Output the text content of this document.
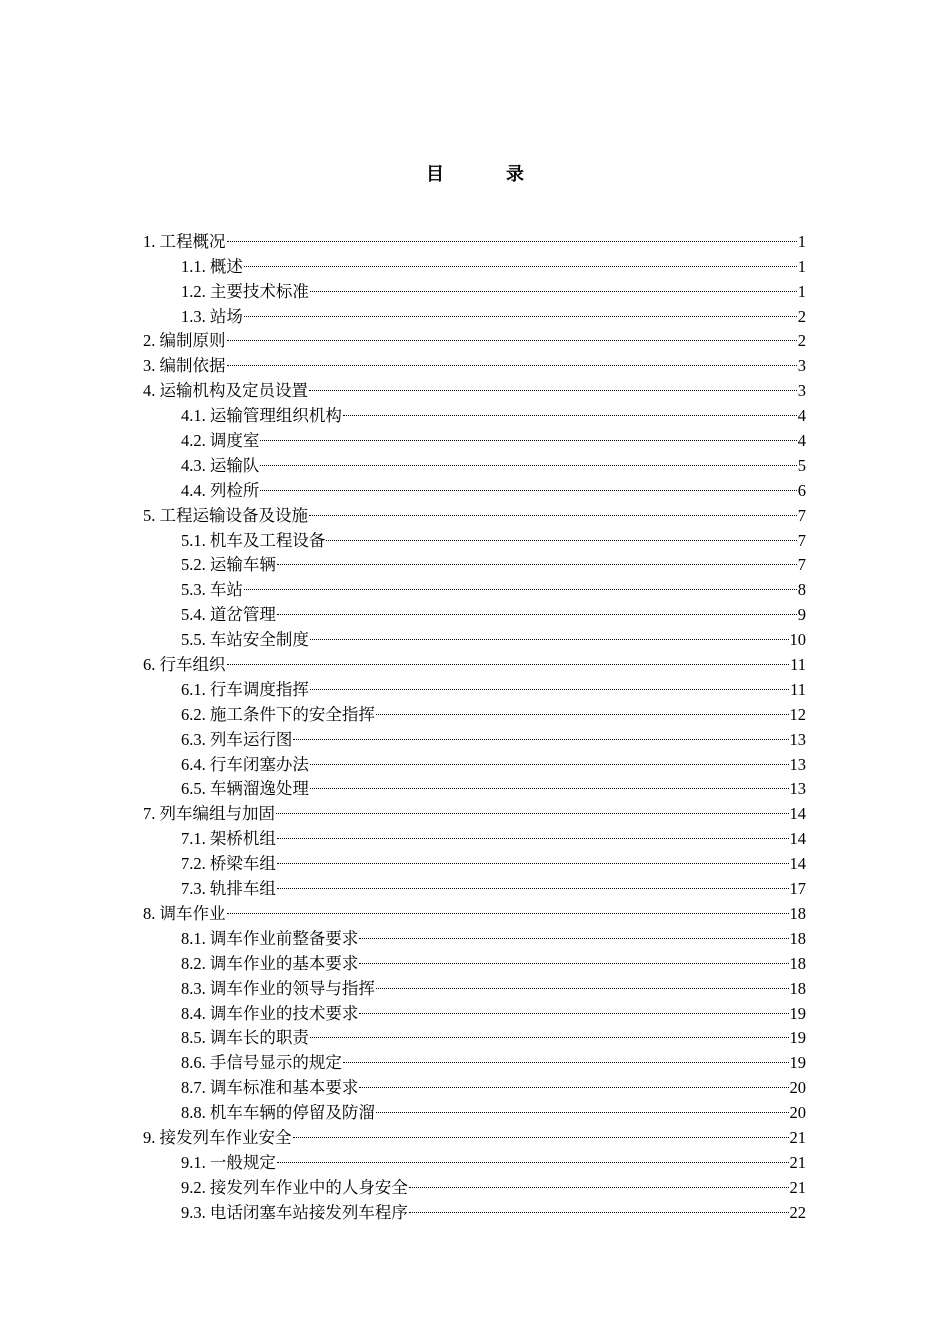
目　录
1. 工程概况	1
1.1. 概述	1
1.2. 主要技术标准	1
1.3. 站场	2
2. 编制原则	2
3. 编制依据	3
4. 运输机构及定员设置	3
4.1. 运输管理组织机构	4
4.2. 调度室	4
4.3. 运输队	5
4.4. 列检所	6
5. 工程运输设备及设施	7
5.1. 机车及工程设备	7
5.2. 运输车辆	7
5.3. 车站	8
5.4. 道岔管理	9
5.5. 车站安全制度	10
6. 行车组织	11
6.1. 行车调度指挥	11
6.2. 施工条件下的安全指挥	12
6.3. 列车运行图	13
6.4. 行车闭塞办法	13
6.5. 车辆溜逸处理	13
7. 列车编组与加固	14
7.1. 架桥机组	14
7.2. 桥梁车组	14
7.3. 轨排车组	17
8. 调车作业	18
8.1. 调车作业前整备要求	18
8.2. 调车作业的基本要求	18
8.3. 调车作业的领导与指挥	18
8.4. 调车作业的技术要求	19
8.5. 调车长的职责	19
8.6. 手信号显示的规定	19
8.7. 调车标准和基本要求	20
8.8. 机车车辆的停留及防溜	20
9. 接发列车作业安全	21
9.1. 一般规定	21
9.2. 接发列车作业中的人身安全	21
9.3. 电话闭塞车站接发列车程序	22
